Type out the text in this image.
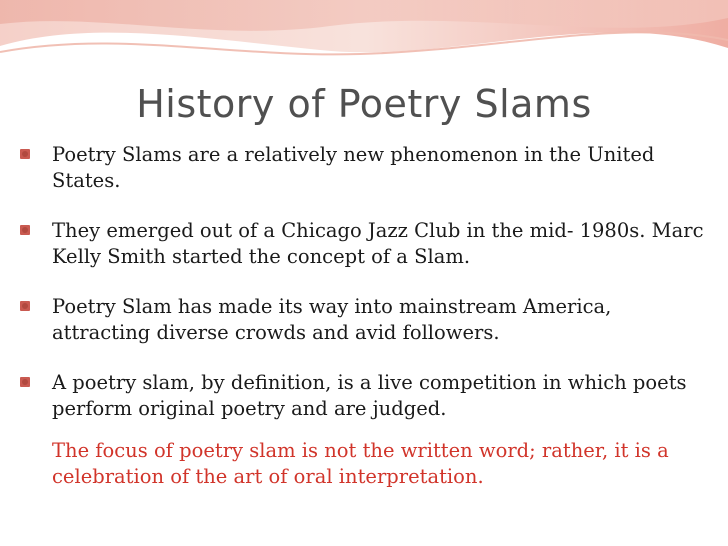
History of Poetry Slams
Poetry Slams are a relatively new phenomenon in the United States.
They emerged out of a Chicago Jazz Club in the mid- 1980s. Marc Kelly Smith started the concept of a Slam.
Poetry Slam has made its way into mainstream America, attracting diverse crowds and avid followers.
A poetry slam, by definition, is a live competition in which poets perform original poetry and are judged.
The focus of poetry slam is not the written word; rather, it is a celebration of the art of oral interpretation.
